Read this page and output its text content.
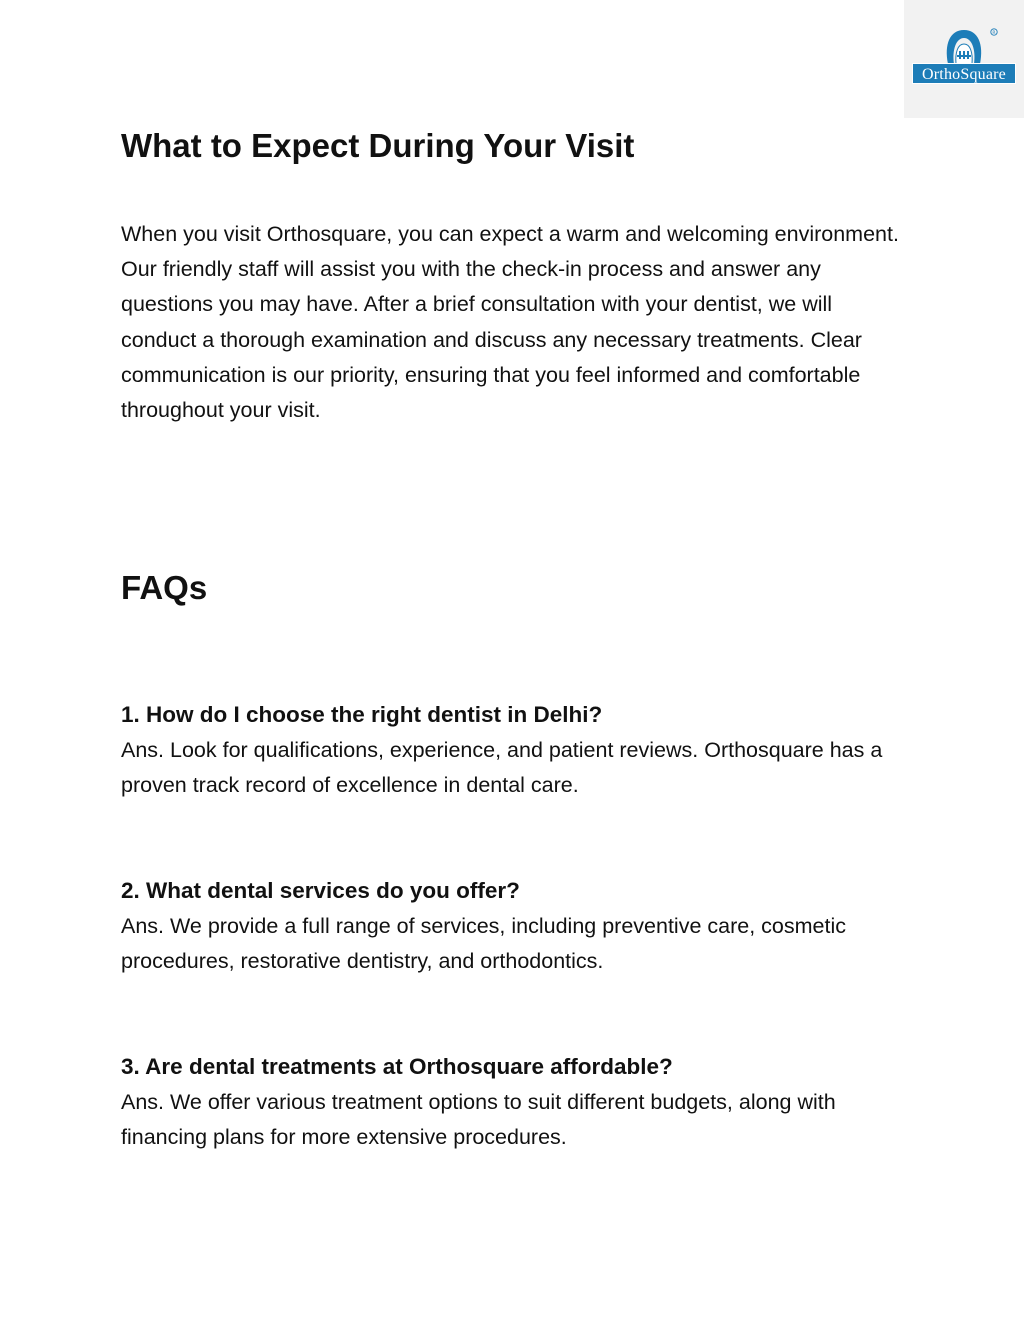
R
OrthoSquare
What to Expect During Your Visit

When you visit Orthosquare, you can expect a warm and welcoming environment. Our friendly staff will assist you with the check-in process and answer any questions you may have. After a brief consultation with your dentist, we will conduct a thorough examination and discuss any necessary treatments. Clear communication is our priority, ensuring that you feel informed and comfortable throughout your visit.

FAQs

1. How do I choose the right dentist in Delhi?

Ans. Look for qualifications, experience, and patient reviews. Orthosquare has a proven track record of excellence in dental care.

2. What dental services do you offer?

Ans. We provide a full range of services, including preventive care, cosmetic procedures, restorative dentistry, and orthodontics.

3. Are dental treatments at Orthosquare affordable?

Ans. We offer various treatment options to suit different budgets, along with financing plans for more extensive procedures.
